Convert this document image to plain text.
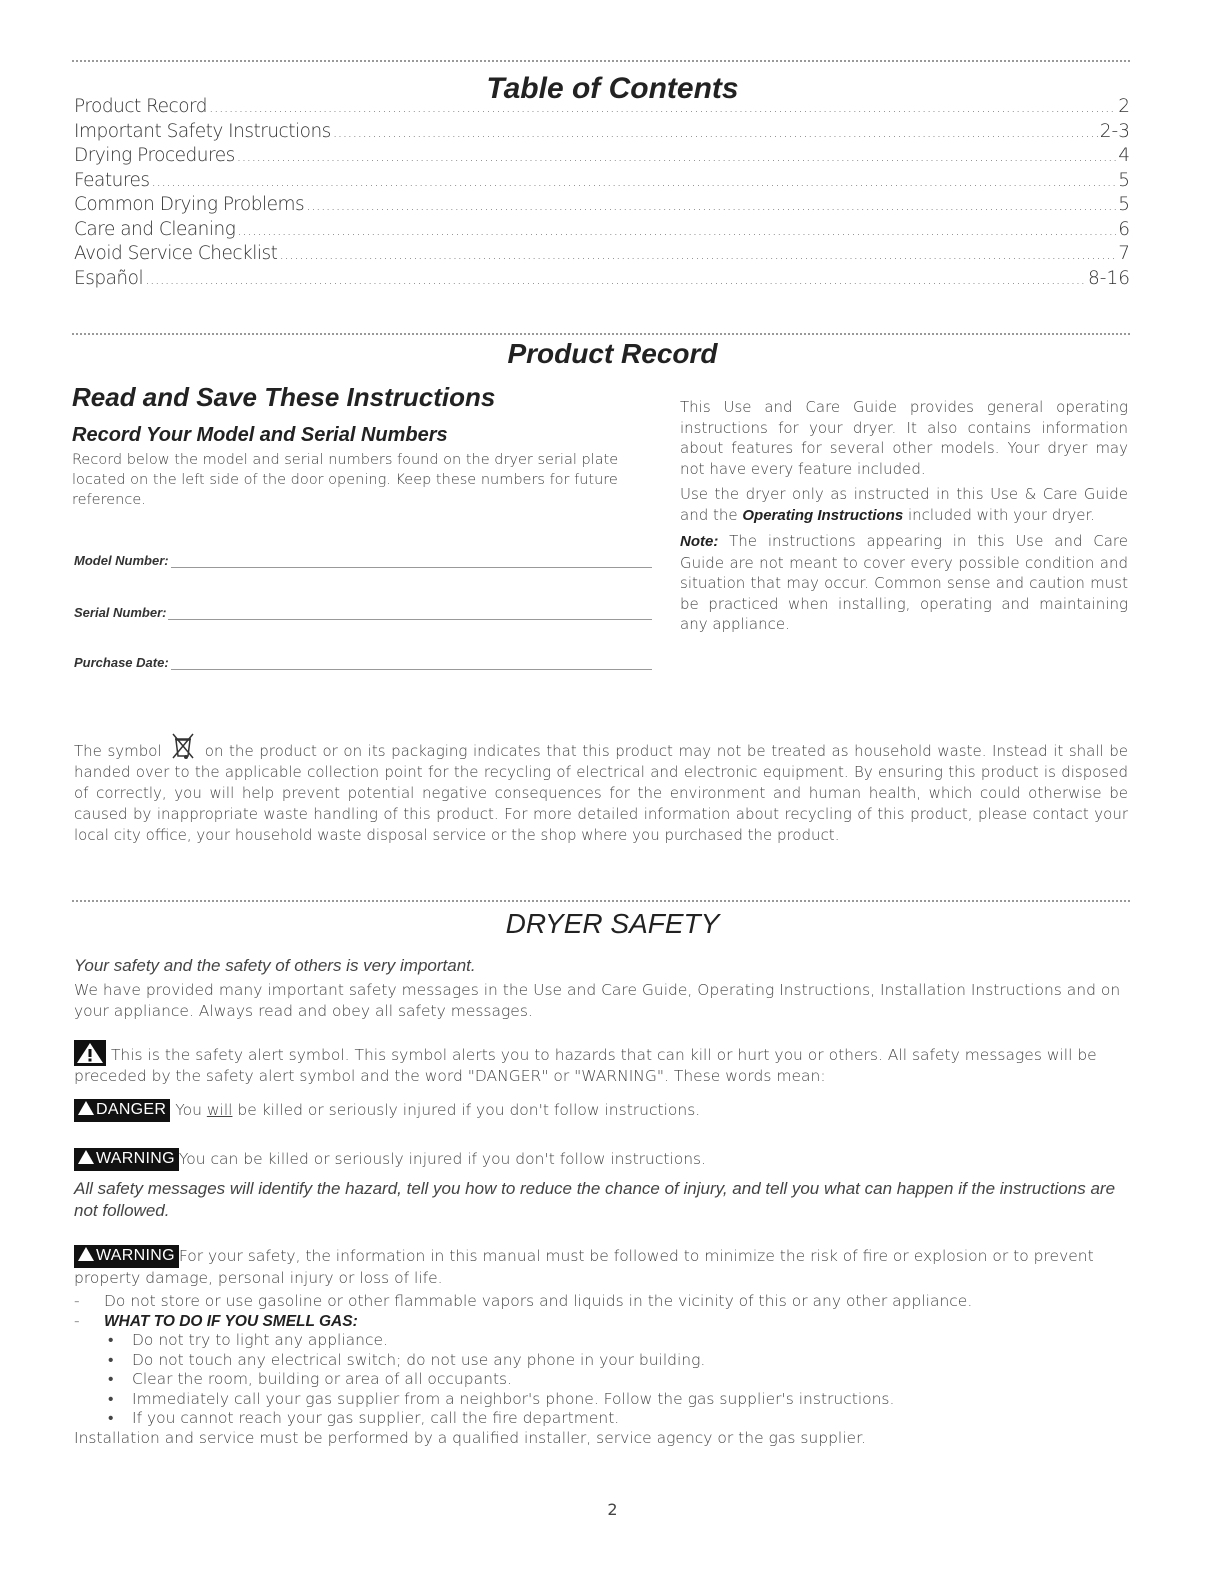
Table of Contents
Product Record .....	2
Important Safety Instructions .....	2-3
Drying Procedures .....	4
Features .....	5
Common Drying Problems .....	5
Care and Cleaning .....	6
Avoid Service Checklist .....	7
Español .....	8-16
Product Record
Read and Save These Instructions
Record Your Model and Serial Numbers

Record below the model and serial numbers found on the dryer serial plate located on the left side of the door opening. Keep these numbers for future reference.

Model Number:
Serial Number:
Purchase Date:

This Use and Care Guide provides general operating instructions for your dryer. It also contains information about features for several other models. Your dryer may not have every feature included.

Use the dryer only as instructed in this Use & Care Guide and the Operating Instructions included with your dryer.

Note: The instructions appearing in this Use and Care Guide are not meant to cover every possible condition and situation that may occur. Common sense and caution must be practiced when installing, operating and maintaining any appliance.

The symbol  on the product or on its packaging indicates that this product may not be treated as household waste. Instead it shall be handed over to the applicable collection point for the recycling of electrical and electronic equipment. By ensuring this product is disposed of correctly, you will help prevent potential negative consequences for the environment and human health, which could otherwise be caused by inappropriate waste handling of this product. For more detailed information about recycling of this product, please contact your local city office, your household waste disposal service or the shop where you purchased the product.

DRYER SAFETY

Your safety and the safety of others is very important.

We have provided many important safety messages in the Use and Care Guide, Operating Instructions, Installation Instructions and on your appliance. Always read and obey all safety messages.

This is the safety alert symbol. This symbol alerts you to hazards that can kill or hurt you or others. All safety messages will be preceded by the safety alert symbol and the word "DANGER" or "WARNING". These words mean:

DANGER You will be killed or seriously injured if you don't follow instructions.

WARNING You can be killed or seriously injured if you don't follow instructions.

All safety messages will identify the hazard, tell you how to reduce the chance of injury, and tell you what can happen if the instructions are not followed.

WARNING For your safety, the information in this manual must be followed to minimize the risk of fire or explosion or to prevent property damage, personal injury or loss of life.

-	Do not store or use gasoline or other flammable vapors and liquids in the vicinity of this or any other appliance.
-	WHAT TO DO IF YOU SMELL GAS:
•	Do not try to light any appliance.
•	Do not touch any electrical switch; do not use any phone in your building.
•	Clear the room, building or area of all occupants.
•	Immediately call your gas supplier from a neighbor's phone. Follow the gas supplier's instructions.
•	If you cannot reach your gas supplier, call the fire department.
Installation and service must be performed by a qualified installer, service agency or the gas supplier.
2
